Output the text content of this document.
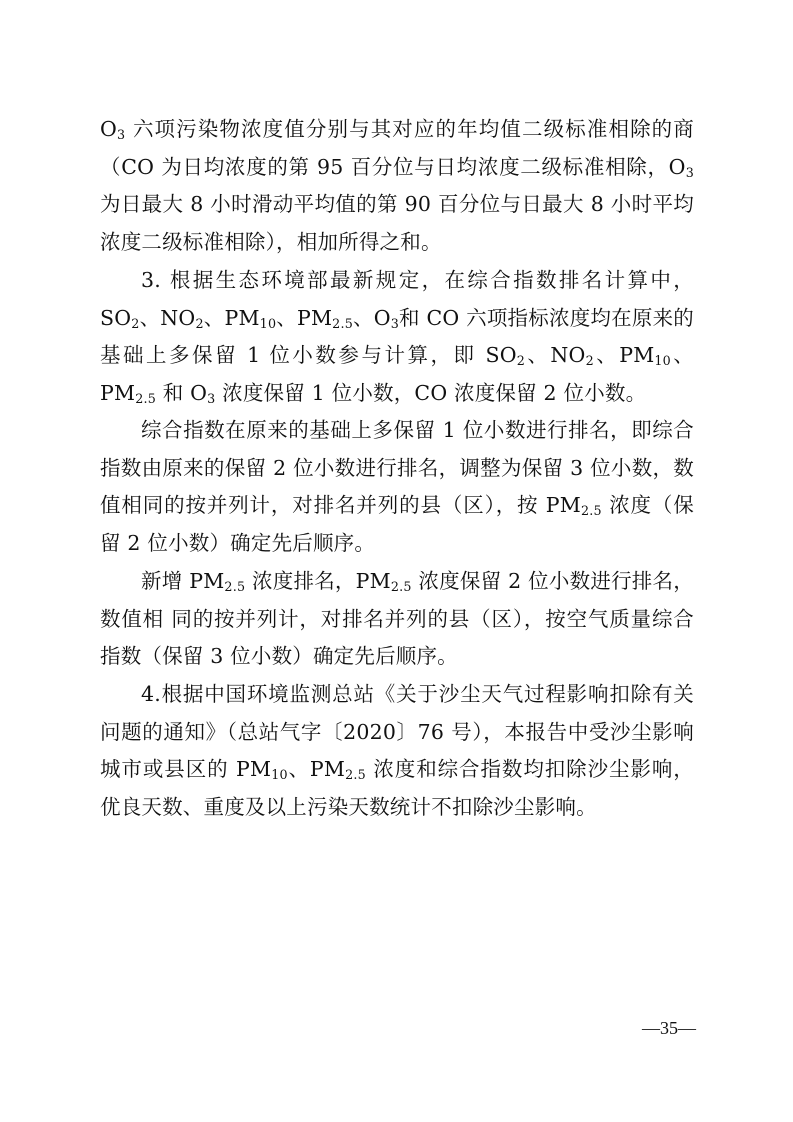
$O_3$ 六项污染物浓度值分别与其对应的年均值二级标准相除的商（CO 为日均浓度的第 95 百分位与日均浓度二级标准相除，$O_3$ 为日最大 8 小时滑动平均值的第 90 百分位与日最大 8 小时平均浓度二级标准相除），相加所得之和。

3. 根据生态环境部最新规定，在综合指数排名计算中，$SO_2$、$NO_2$、$PM_{10}$、$PM_{2.5}$、$O_3$和 CO 六项指标浓度均在原来的基础上多保留 1 位小数参与计算，即 $SO_2$、$NO_2$、$PM_{10}$、$PM_{2.5}$ 和 $O_3$ 浓度保留 1 位小数，CO 浓度保留 2 位小数。

综合指数在原来的基础上多保留 1 位小数进行排名，即综合指数由原来的保留 2 位小数进行排名，调整为保留 3 位小数，数值相同的按并列计，对排名并列的县（区），按 $PM_{2.5}$ 浓度（保留 2 位小数）确定先后顺序。

新增 $PM_{2.5}$ 浓度排名，$PM_{2.5}$ 浓度保留 2 位小数进行排名，数值相 同的按并列计，对排名并列的县（区），按空气质量综合指数（保留 3 位小数）确定先后顺序。

4.根据中国环境监测总站《关于沙尘天气过程影响扣除有关问题的通知》（总站气字〔2020〕76 号），本报告中受沙尘影响城市或县区的 $PM_{10}$、$PM_{2.5}$ 浓度和综合指数均扣除沙尘影响，优良天数、重度及以上污染天数统计不扣除沙尘影响。

—35—
